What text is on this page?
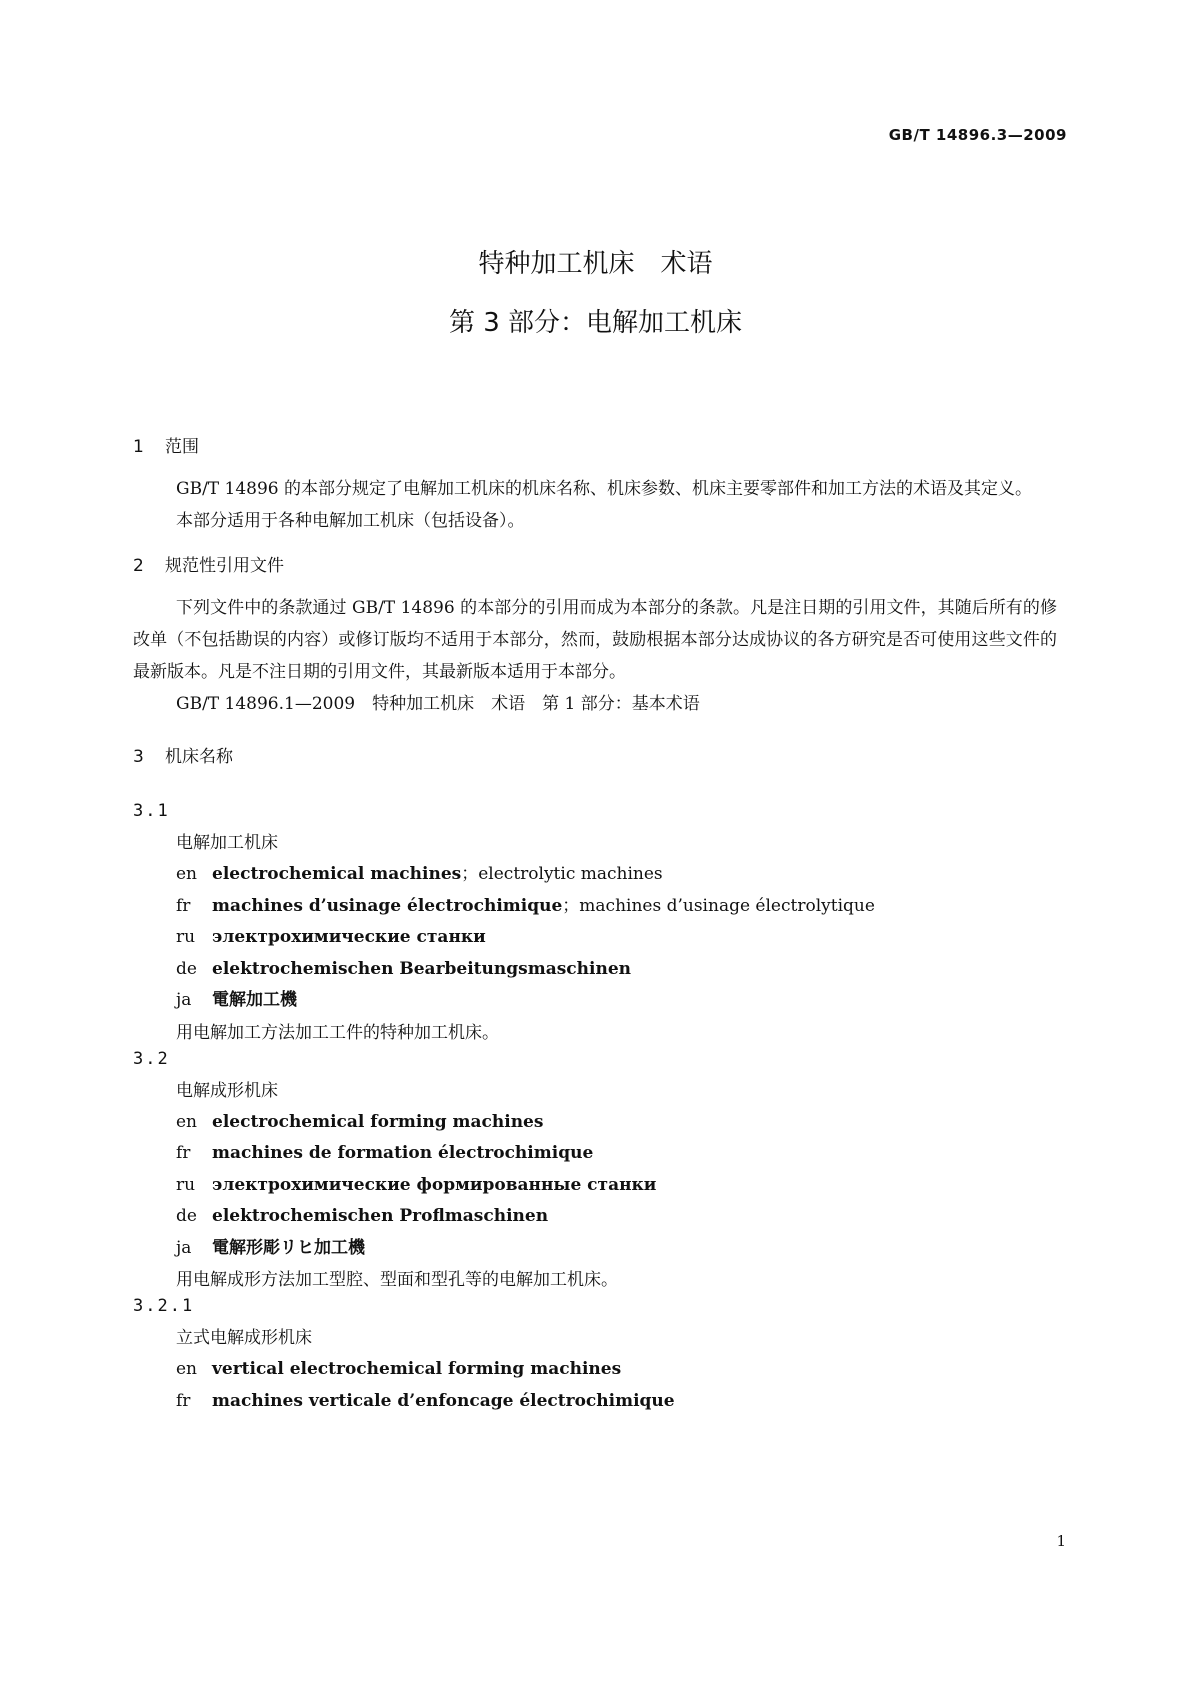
GB/T 14896.3—2009
特种加工机床　术语
第 3 部分：电解加工机床
1 范围

GB/T 14896 的本部分规定了电解加工机床的机床名称、机床参数、机床主要零部件和加工方法的术语及其定义。

本部分适用于各种电解加工机床（包括设备）。

2 规范性引用文件

下列文件中的条款通过 GB/T 14896 的本部分的引用而成为本部分的条款。凡是注日期的引用文件，其随后所有的修改单（不包括勘误的内容）或修订版均不适用于本部分，然而，鼓励根据本部分达成协议的各方研究是否可使用这些文件的最新版本。凡是不注日期的引用文件，其最新版本适用于本部分。

GB/T 14896.1—2009　特种加工机床　术语　第 1 部分：基本术语

3 机床名称
3.1
电解加工机床
en electrochemical machines；electrolytic machines
fr machines d’usinage électrochimique；machines d’usinage électrolytique
ru электрохимические станки
de elektrochemischen Bearbeitungsmaschinen
ja 電解加工機
用电解加工方法加工工件的特种加工机床。
3.2
电解成形机床
en electrochemical forming machines
fr machines de formation électrochimique
ru электрохимические формированные станки
de elektrochemischen Proflmaschinen
ja 電解形彫リヒ加工機
用电解成形方法加工型腔、型面和型孔等的电解加工机床。
3.2.1
立式电解成形机床
en vertical electrochemical forming machines
fr machines verticale d’enfoncage électrochimique
1
